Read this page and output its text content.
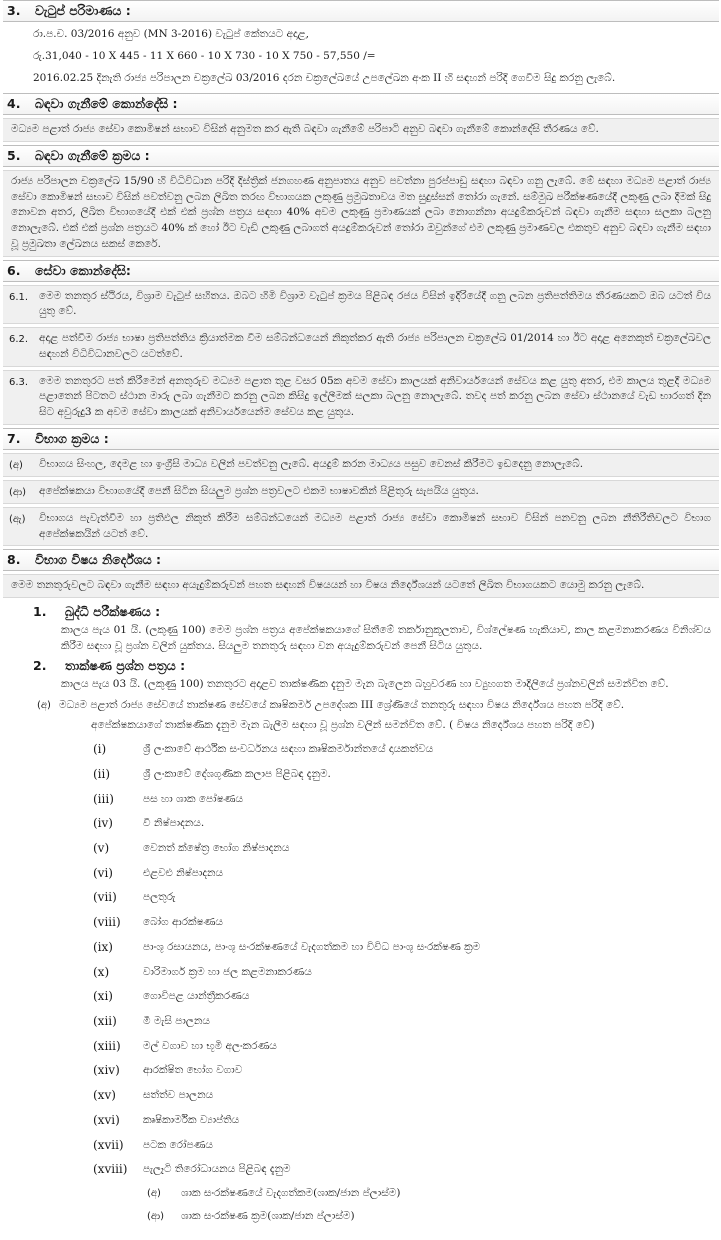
3. වැටුප් පරිමාණය :

රා.ප.ච. 03/2016 අනුව (MN 3-2016) වැටුප් කේතයට අදාළ,

රු.31,040 - 10 X 445 - 11 X 660 - 10 X 730 - 10 X 750 - 57,550 /=

2016.02.25 දිනැති රාජ්‍ය පරිපාලන චක්‍රලේඛ 03/2016 දරන චක්‍රලේඛයේ උපලේඛන අංක II හි සඳහන් පරිදි ගෙවීම සිදු කරනු ලැබේ.

4. බඳවා ගැනීමේ කොන්දේසි :
මධ්‍යම පළාත් රාජ්‍ය සේවා කොමිෂන් සභාව විසින් අනුමත කර ඇති බඳවා ගැනීමේ පරිපාටි අනුව බඳවා ගැනීමේ කොන්දේසි තීරණය වේ.
5. බඳවා ගැනීමේ ක්‍රමය :
රාජ්‍ය පරිපාලන චක්‍රලේඛ 15/90 හි විධිවිධාන පරිදි දිස්ත්‍රික් ජනගහණ අනුපාතය අනුව පවත්නා පුරප්පාඩු සඳහා බඳවා ගනු ලැබේ. මේ සඳහා මධ්‍යම පළාත් රාජ්‍ය සේවා කොමිෂන් සභාව විසින් පවත්වනු ලබන ලිඛිත තරඟ විභාගයක ලකුණු ප්‍රමුඛතාවය මත සුදුස්සන් තෝරා ගැනේ. සම්මුඛ පරීක්ෂණයේදී ලකුණු ලබා දීමක් සිදු නොවන අතර, ලිඛිත විභාගයේදී එක් එක් ප්‍රශ්න පත්‍රය සඳහා 40% අවම ලකුණු ප්‍රමාණයක් ලබා නොගන්නා අයදුම්කරුවන් බඳවා ගැනීම සඳහා සලකා බලනු නොලැබේ. එක් එක් ප්‍රශ්න පත්‍රයට 40% ක් හෝ ඊට වැඩි ලකුණු ලබාගත් අයදුම්කරුවන් තෝරා ඔවුන්ගේ එම ලකුණු ප්‍රමාණවල එකතුව අනුව බඳවා ගැනීම සඳහා වූ ප්‍රමුඛතා ලේඛනය සකස් කෙරේ.
6. සේවා කොන්දේසි:
6.1.	මෙම තනතුර ස්ථිරය, විශ්‍රාම වැටුප් සහිතය. ඔබට හිමි විශ්‍රාම වැටුප් ක්‍රමය පිළිබඳ රජය විසින් ඉදිරියේදී ගනු ලබන ප්‍රතිපත්තිමය තීරණයකට ඔබ යටත් විය යුතු වේ.
6.2.	අදාළ පත්වීම රාජ්‍ය භාෂා ප්‍රතිපත්තිය ක්‍රියාත්මක වීම සම්බන්ධයෙන් නිකුත්කර ඇති රාජ්‍ය පරිපාලන චක්‍රලේඛ 01/2014 හා ඊට අදාළ අනෙකුත් චක්‍රලේඛවල සඳහන් විධිවිධානවලට යටත්වේ.
6.3.	මෙම තනතුරට පත් කිරීමෙන් අනතුරුව මධ්‍යම පළාත තුළ වසර 05ක අවම සේවා කාලයක් අනිවාර්යයෙන් සේවය කළ යුතු අතර, එම කාලය තුළදී මධ්‍යම පළාතෙන් පිටතට ස්ථාන මාරු ලබා ගැනීමට කරනු ලබන කිසිදු ඉල්ලීමක් සලකා බලනු නොලැබේ. තවද පත් කරනු ලබන සේවා ස්ථානයේ වැඩ භාරගත් දින සිට අවුරුදු3 ක අවම සේවා කාලයක් අනිවාර්යයෙන්ම සේවය කළ යුතුය.
7. විභාග ක්‍රමය :
(අ)	විභාගය සිංහල, දෙමළ හා ඉංග්‍රීසි මාධ්‍ය වලින් පවත්වනු ලැබේ. අයදුම් කරන මාධ්‍යය පසුව වෙනස් කිරීමට ඉඩදෙනු නොලැබේ.
(ආ)	අපේක්ෂකයා විභාගයේදී පෙනී සිටින සියලුම ප්‍රශ්න පත්‍රවලට එකම භාෂාවකින් පිළිතුරු සැපයිය යුතුය.
(ඇ)	විභාගය පැවැත්වීම හා ප්‍රතිඵල නිකුත් කිරීම සම්බන්ධයෙන් මධ්‍යම පළාත් රාජ්‍ය සේවා කොමිෂන් සභාව විසින් පනවනු ලබන නීතිරීතිවලට විභාග අපේක්ෂකයින් යටත් වේ.
8. විභාග විෂය නිර්දේශය :
මෙම තනතුරුවලට බඳවා ගැනීම සඳහා අයැදුම්කරුවන් පහත සඳහන් විෂයයන් හා විෂය නිර්දේශයන් යටතේ ලිඛිත විභාගයකට යොමු කරනු ලැබේ.
1. බුද්ධි පරීක්ෂණය :
කාලය පැය 01 යි. (ලකුණු 100) මෙම ප්‍රශ්න පත්‍රය අපේක්ෂකයාගේ සිතීමේ තර්කානුකූලතාව, විශ්ලේෂණ හැකියාව, කාල කළමනාකරණය විනිශ්චය කිරීම සඳහා වූ ප්‍රශ්න වලින් යුක්තය. සියලුම තනතුරු සඳහා වන අයැදුම්කරුවන් පෙනී සිටිය යුතුය.
2. තාක්ෂණ ප්‍රශ්න පත්‍රය :
කාලය පැය 03 යි. (ලකුණු 100) තනතුරට අදාළව තාක්ෂණික දැනුම මැන බැලෙන බහුවරණ හා ව්‍යුහගත මාදිලියේ ප්‍රශ්නවලින් සමන්විත වේ.
(අ) මධ්‍යම පළාත් රාජ්‍ය සේවයේ තාක්ෂණ සේවයේ කෘෂිකර්ම උපදේශක III ශ්‍රේණියේ තනතුරු සඳහා විෂය නිර්දේශය පහත පරිදි වේ.
අපේක්ෂකයාගේ තාක්ෂණික දැනුම මැන බැලීම සඳහා වූ ප්‍රශ්න වලින් සමන්විත වේ. ( විෂය නිර්දේශය පහත පරිදි වේ)
(i)	ශ්‍රී ලංකාවේ ආර්ථික සංවර්ධනය සඳහා කෘෂිකර්මාන්තයේ දායකත්වය
(ii)	ශ්‍රී ලංකාවේ දේශගුණික කලාප පිළිබඳ දැනුම.
(iii)	පස හා ශාක පෝෂණය
(iv)	වී නිෂ්පාදනය.
(v)	වෙනත් ක්ෂේත්‍ර භෝග නිෂ්පාදනය
(vi)	එළවළු නිෂ්පාදනය
(vii)	පලතුරු
(viii)	බෝග ආරක්ෂණය
(ix)	පාංශු රසායනය, පාංශු සංරක්ෂණයේ වැදගත්කම හා විවිධ පාංශු සංරක්ෂණ ක්‍රම
(x)	වාරිමාර්ග ක්‍රම හා ජල කළමනාකරණය
(xi)	ගොවිපළ යාන්ත්‍රීකරණය
(xii)	මී මැසි පාලනය
(xiii)	මල් වගාව හා භූමි අලංකරණය
(xiv)	ආරක්ෂිත භෝග වගාව
(xv)	සත්ත්ව පාලනය
(xvi)	කෘෂිකාර්මික ව්‍යාප්තිය
(xvii)	පටක රෝපණය
(xviii)	පැලෑටි තිරෝධායනය පිළිබඳ දැනුම
(අ)	ශාක සංරක්ෂණයේ වැදගත්කම(ශාක/ජාන ප්ලාස්ම)
(ආ)	ශාක සංරක්ෂණ ක්‍රම(ශාක/ජාන ප්ලාස්ම)
